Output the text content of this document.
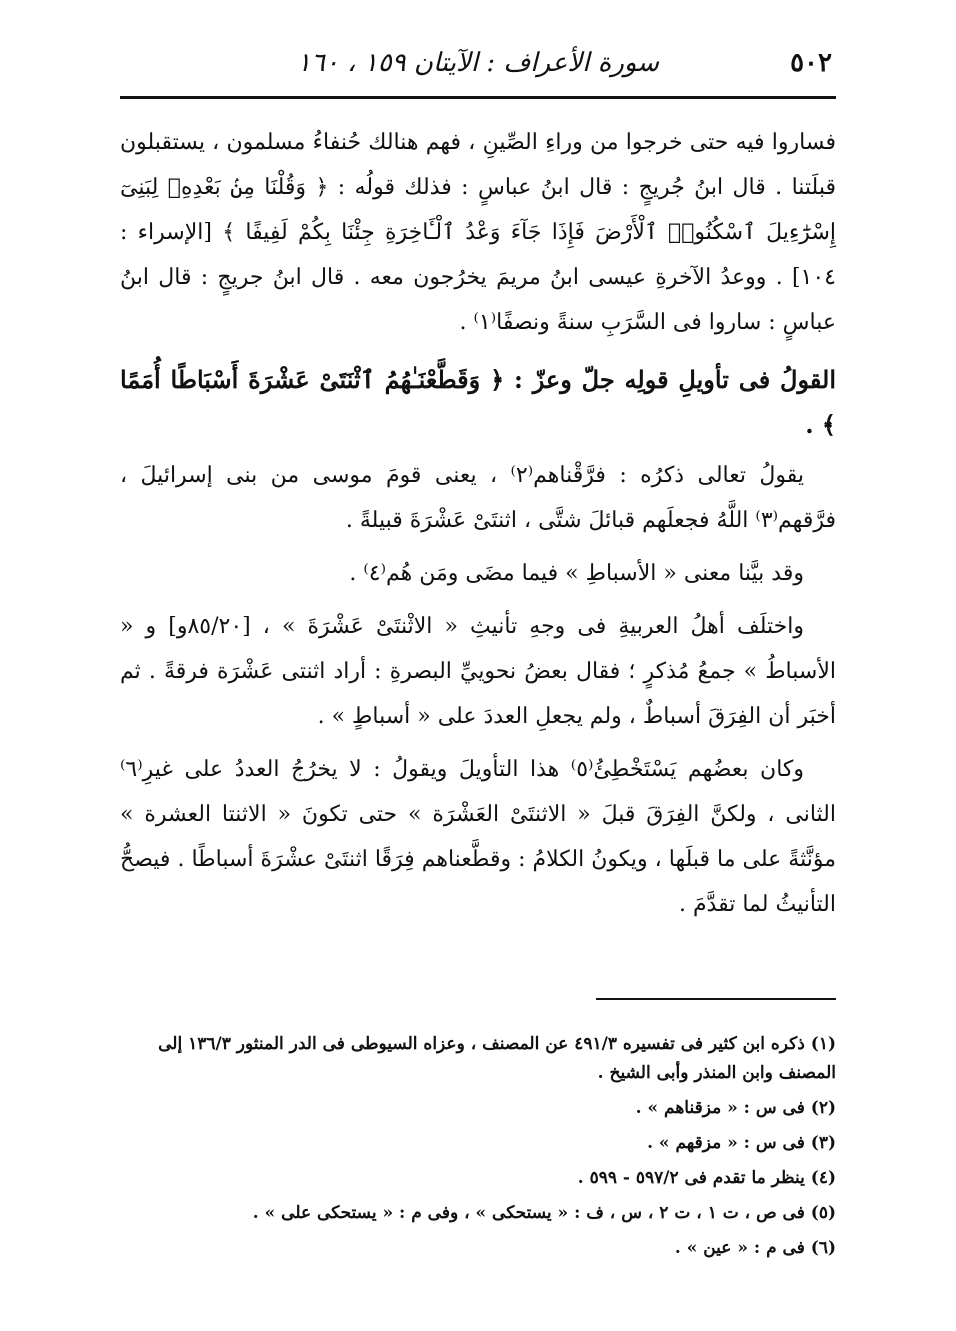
٥٠٢
سورة الأعراف : الآيتان ١٥٩ ، ١٦٠

فساروا فيه حتى خرجوا من وراءِ الصِّينِ ، فهم هنالك حُنفاءُ مسلمون ، يستقبلون قبلَتنا . قال ابنُ جُريجٍ : قال ابنُ عباسٍ : فذلك قولُه : ﴿ وَقُلْنَا مِنۢ بَعْدِهِۦ لِبَنِىٓ إِسْرَٰٓءِيلَ ٱسْكُنُوا۟ ٱلْأَرْضَ فَإِذَا جَآءَ وَعْدُ ٱلْـَٔاخِرَةِ جِئْنَا بِكُمْ لَفِيفًا ﴾ [الإسراء : ١٠٤] . ووعدُ الآخرةِ عيسى ابنُ مريمَ يخرُجون معه . قال ابنُ جريجٍ : قال ابنُ عباسٍ : ساروا فى السَّرَبِ سنةً ونصفًا⁽١⁾ .

القولُ فى تأويلِ قولِه جلّ وعزّ : ﴿ وَقَطَّعْنَـٰهُمُ ٱثْنَتَىْ عَشْرَةَ أَسْبَاطًا أُمَمًا ﴾ .

يقولُ تعالى ذكرُه : فرَّقْناهم⁽٢⁾ ، يعنى قومَ موسى من بنى إسرائيلَ ، فرَّقهم⁽٣⁾ اللَّهُ فجعلَهم قبائلَ شتَّى ، اثنتَىْ عَشْرَةَ قبيلةً .

وقد بيَّنا معنى « الأسباطِ » فيما مضَى ومَن هُم⁽٤⁾ .

واختلَف أهلُ العربيةِ فى وجهِ تأنيثِ « الاثْنتَىْ عَشْرَةَ » ، [٨٥/٢٠و] و « الأسباطُ » جمعُ مُذكرٍ ؛ فقال بعضُ نحوييِّ البصرةِ : أراد اثنتى عَشْرَة فرقةً . ثم أخبَر أن الفِرَقَ أسباطٌ ، ولم يجعلِ العددَ على « أسباطٍ » .

وكان بعضُهم يَسْتَخْطِئُ⁽٥⁾ هذا التأويلَ ويقولُ : لا يخرُجُ العددُ على غيرِ⁽٦⁾ الثانى ، ولكنَّ الفِرَقَ قبلَ « الاثنتَىْ العَشْرَة » حتى تكونَ « الاثنتا العشرة » مؤنَّثةً على ما قبلَها ، ويكونُ الكلامُ : وقطَّعناهم فِرَقًا اثنتَىْ عشْرَةَ أسباطًا . فيصحُّ التأنيثُ لما تقدَّمَ .

(١) ذكره ابن كثير فى تفسيره ٤٩١/٣ عن المصنف ، وعزاه السيوطى فى الدر المنثور ١٣٦/٣ إلى المصنف وابن المنذر وأبى الشيخ .
(٢) فى س : « مزقناهم » .
(٣) فى س : « مزقهم » .
(٤) ينظر ما تقدم فى ٥٩٧/٢ - ٥٩٩ .
(٥) فى ص ، ت ١ ، ت ٢ ، س ، ف : « يستحكى » ، وفى م : « يستحكى على » .
(٦) فى م : « عين » .
